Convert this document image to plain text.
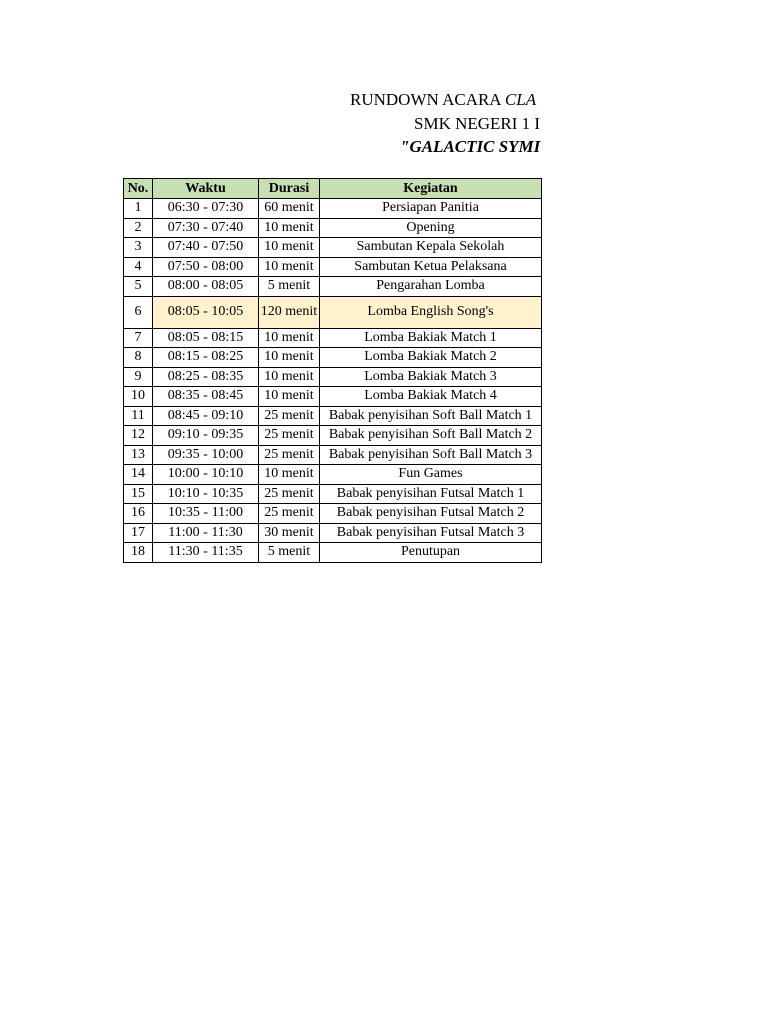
RUNDOWN ACARA CLA
SMK NEGERI 1 I
"GALACTIC SYMI
No.	Waktu	Durasi	Kegiatan
1	06:30 - 07:30	60 menit	Persiapan Panitia
2	07:30 - 07:40	10 menit	Opening
3	07:40 - 07:50	10 menit	Sambutan Kepala Sekolah
4	07:50 - 08:00	10 menit	Sambutan Ketua Pelaksana
5	08:00 - 08:05	5 menit	Pengarahan Lomba
6	08:05 - 10:05	120 menit	Lomba English Song's
7	08:05 - 08:15	10 menit	Lomba Bakiak Match 1
8	08:15 - 08:25	10 menit	Lomba Bakiak Match 2
9	08:25 - 08:35	10 menit	Lomba Bakiak Match 3
10	08:35 - 08:45	10 menit	Lomba Bakiak Match 4
11	08:45 - 09:10	25 menit	Babak penyisihan Soft Ball Match 1
12	09:10 - 09:35	25 menit	Babak penyisihan Soft Ball Match 2
13	09:35 - 10:00	25 menit	Babak penyisihan Soft Ball Match 3
14	10:00 - 10:10	10 menit	Fun Games
15	10:10 - 10:35	25 menit	Babak penyisihan Futsal Match 1
16	10:35 - 11:00	25 menit	Babak penyisihan Futsal Match 2
17	11:00 - 11:30	30 menit	Babak penyisihan Futsal Match 3
18	11:30 - 11:35	5 menit	Penutupan
